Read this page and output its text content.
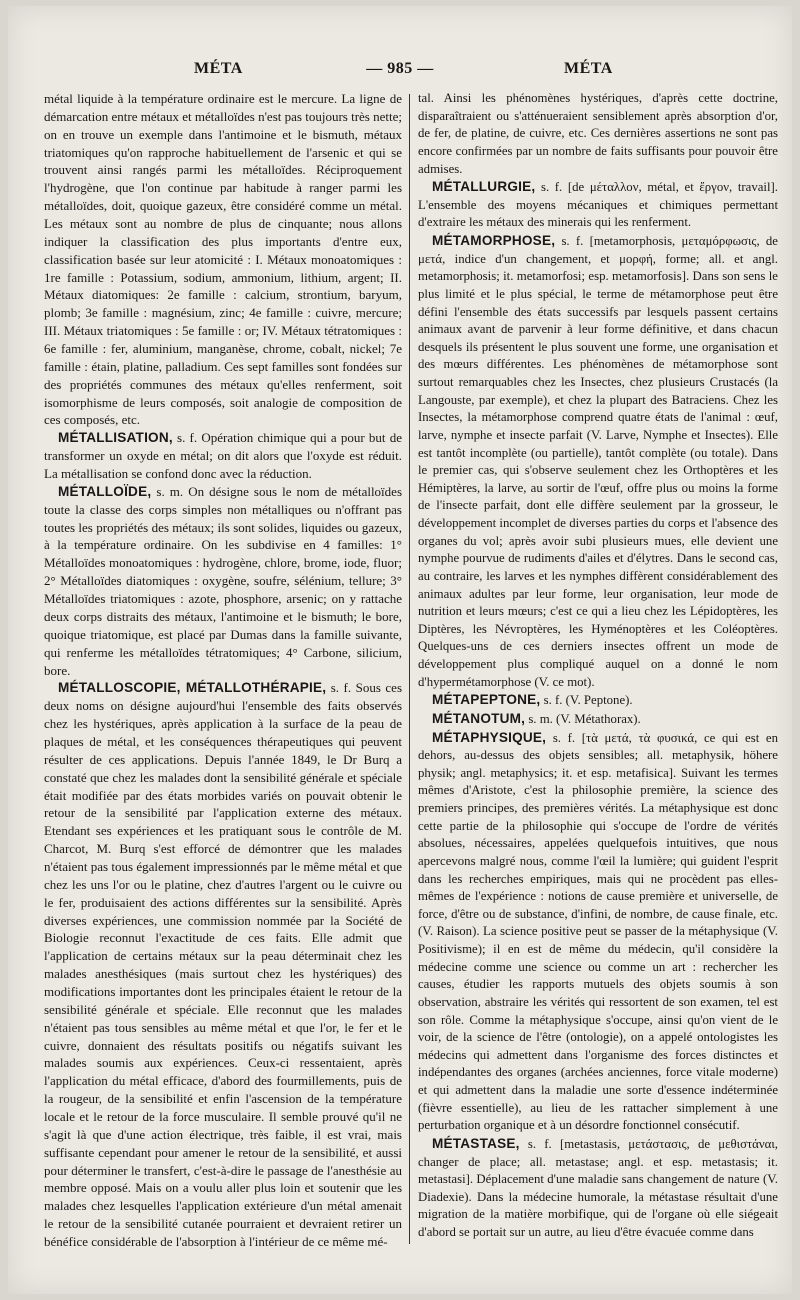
MÉTA	— 985 —	MÉTA

métal liquide à la température ordinaire est le mercure. La ligne de démarcation entre métaux et métalloïdes n'est pas toujours très nette; on en trouve un exemple dans l'antimoine et le bismuth, métaux triatomiques qu'on rapproche habituellement de l'arsenic et qui se trouvent ainsi rangés parmi les métalloïdes. Réciproquement l'hydrogène, que l'on continue par habitude à ranger parmi les métalloïdes, doit, quoique gazeux, être considéré comme un métal. Les métaux sont au nombre de plus de cinquante; nous allons indiquer la classification des plus importants d'entre eux, classification basée sur leur atomicité : I. Métaux monoatomiques : 1re famille : Potassium, sodium, ammonium, lithium, argent; II. Métaux diatomiques: 2e famille : calcium, strontium, baryum, plomb; 3e famille : magnésium, zinc; 4e famille : cuivre, mercure; III. Métaux triatomiques : 5e famille : or; IV. Métaux tétratomiques : 6e famille : fer, aluminium, manganèse, chrome, cobalt, nickel; 7e famille : étain, platine, palladium. Ces sept familles sont fondées sur des propriétés communes des métaux qu'elles renferment, soit isomorphisme de leurs composés, soit analogie de composition de ces composés, etc.

MÉTALLISATION, s. f. Opération chimique qui a pour but de transformer un oxyde en métal; on dit alors que l'oxyde est réduit. La métallisation se confond donc avec la réduction.

MÉTALLOÏDE, s. m. On désigne sous le nom de métalloïdes toute la classe des corps simples non métalliques ou n'offrant pas toutes les propriétés des métaux; ils sont solides, liquides ou gazeux, à la température ordinaire. On les subdivise en 4 familles: 1° Métalloïdes monoatomiques : hydrogène, chlore, brome, iode, fluor; 2° Métalloïdes diatomiques : oxygène, soufre, sélénium, tellure; 3° Métalloïdes triatomiques : azote, phosphore, arsenic; on y rattache deux corps distraits des métaux, l'antimoine et le bismuth; le bore, quoique triatomique, est placé par Dumas dans la famille suivante, qui renferme les métalloïdes tétratomiques; 4° Carbone, silicium, bore.

MÉTALLOSCOPIE, MÉTALLOTHÉRAPIE, s. f. Sous ces deux noms on désigne aujourd'hui l'ensemble des faits observés chez les hystériques, après application à la surface de la peau de plaques de métal, et les conséquences thérapeutiques qui peuvent résulter de ces applications. Depuis l'année 1849, le Dr Burq a constaté que chez les malades dont la sensibilité générale et spéciale était modifiée par des états morbides variés on pouvait obtenir le retour de la sensibilité par l'application externe des métaux. Etendant ses expériences et les pratiquant sous le contrôle de M. Charcot, M. Burq s'est efforcé de démontrer que les malades n'étaient pas tous également impressionnés par le même métal et que chez les uns l'or ou le platine, chez d'autres l'argent ou le cuivre ou le fer, produisaient des actions différentes sur la sensibilité. Après diverses expériences, une commission nommée par la Société de Biologie reconnut l'exactitude de ces faits. Elle admit que l'application de certains métaux sur la peau déterminait chez les malades anesthésiques (mais surtout chez les hystériques) des modifications importantes dont les principales étaient le retour de la sensibilité générale et spéciale. Elle reconnut que les malades n'étaient pas tous sensibles au même métal et que l'or, le fer et le cuivre, donnaient des résultats positifs ou négatifs suivant les malades soumis aux expériences. Ceux-ci ressentaient, après l'application du métal efficace, d'abord des fourmillements, puis de la rougeur, de la sensibilité et enfin l'ascension de la température locale et le retour de la force musculaire. Il semble prouvé qu'il ne s'agit là que d'une action électrique, très faible, il est vrai, mais suffisante cependant pour amener le retour de la sensibilité, et aussi pour déterminer le transfert, c'est-à-dire le passage de l'anesthésie au membre opposé. Mais on a voulu aller plus loin et soutenir que les malades chez lesquelles l'application extérieure d'un métal amenait le retour de la sensibilité cutanée pourraient et devraient retirer un bénéfice considérable de l'absorption à l'intérieur de ce même mé-

tal. Ainsi les phénomènes hystériques, d'après cette doctrine, disparaîtraient ou s'atténueraient sensiblement après absorption d'or, de fer, de platine, de cuivre, etc. Ces dernières assertions ne sont pas encore confirmées par un nombre de faits suffisants pour pouvoir être admises.

MÉTALLURGIE, s. f. [de μέταλλον, métal, et ἔργον, travail]. L'ensemble des moyens mécaniques et chimiques permettant d'extraire les métaux des minerais qui les renferment.

MÉTAMORPHOSE, s. f. [metamorphosis, μεταμόρφωσις, de μετά, indice d'un changement, et μορφή, forme; all. et angl. metamorphosis; it. metamorfosi; esp. metamorfosis]. Dans son sens le plus limité et le plus spécial, le terme de métamorphose peut être défini l'ensemble des états successifs par lesquels passent certains animaux avant de parvenir à leur forme définitive, et dans chacun desquels ils présentent le plus souvent une forme, une organisation et des mœurs différentes. Les phénomènes de métamorphose sont surtout remarquables chez les Insectes, chez plusieurs Crustacés (la Langouste, par exemple), et chez la plupart des Batraciens. Chez les Insectes, la métamorphose comprend quatre états de l'animal : œuf, larve, nymphe et insecte parfait (V. Larve, Nymphe et Insectes). Elle est tantôt incomplète (ou partielle), tantôt complète (ou totale). Dans le premier cas, qui s'observe seulement chez les Orthoptères et les Hémiptères, la larve, au sortir de l'œuf, offre plus ou moins la forme de l'insecte parfait, dont elle diffère seulement par la grosseur, le développement incomplet de diverses parties du corps et l'absence des organes du vol; après avoir subi plusieurs mues, elle devient une nymphe pourvue de rudiments d'ailes et d'élytres. Dans le second cas, au contraire, les larves et les nymphes diffèrent considérablement des animaux adultes par leur forme, leur organisation, leur mode de nutrition et leurs mœurs; c'est ce qui a lieu chez les Lépidoptères, les Diptères, les Névroptères, les Hyménoptères et les Coléoptères. Quelques-uns de ces derniers insectes offrent un mode de développement plus compliqué auquel on a donné le nom d'hypermétamorphose (V. ce mot).

MÉTAPEPTONE, s. f. (V. Peptone).

MÉTANOTUM, s. m. (V. Métathorax).

MÉTAPHYSIQUE, s. f. [τὰ μετά, τὰ φυσικά, ce qui est en dehors, au-dessus des objets sensibles; all. metaphysik, höhere physik; angl. metaphysics; it. et esp. metafisica]. Suivant les termes mêmes d'Aristote, c'est la philosophie première, la science des premiers principes, des premières vérités. La métaphysique est donc cette partie de la philosophie qui s'occupe de l'ordre de vérités absolues, nécessaires, appelées quelquefois intuitives, que nous apercevons malgré nous, comme l'œil la lumière; qui guident l'esprit dans les recherches empiriques, mais qui ne procèdent pas elles-mêmes de l'expérience : notions de cause première et universelle, de force, d'être ou de substance, d'infini, de nombre, de cause finale, etc. (V. Raison). La science positive peut se passer de la métaphysique (V. Positivisme); il en est de même du médecin, qu'il considère la médecine comme une science ou comme un art : rechercher les causes, étudier les rapports mutuels des objets soumis à son observation, abstraire les vérités qui ressortent de son examen, tel est son rôle. Comme la métaphysique s'occupe, ainsi qu'on vient de le voir, de la science de l'être (ontologie), on a appelé ontologistes les médecins qui admettent dans l'organisme des forces distinctes et indépendantes des organes (archées anciennes, force vitale moderne) et qui admettent dans la maladie une sorte d'essence indéterminée (fièvre essentielle), au lieu de les rattacher simplement à une perturbation organique et à un désordre fonctionnel consécutif.

MÉTASTASE, s. f. [metastasis, μετάστασις, de μεθιστάναι, changer de place; all. metastase; angl. et esp. metastasis; it. metastasi]. Déplacement d'une maladie sans changement de nature (V. Diadexie). Dans la médecine humorale, la métastase résultait d'une migration de la matière morbifique, qui de l'organe où elle siégeait d'abord se portait sur un autre, au lieu d'être évacuée comme dans
